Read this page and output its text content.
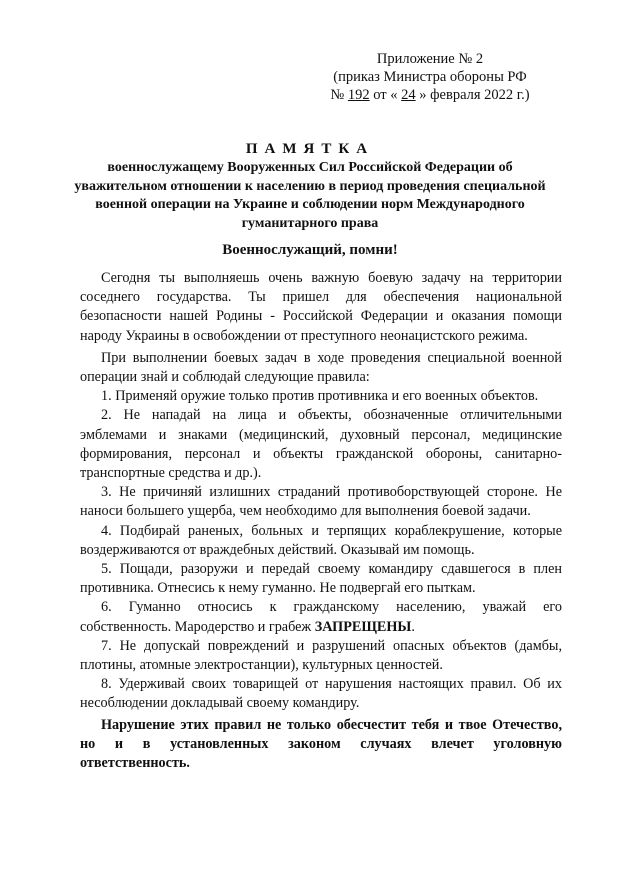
Приложение № 2
(приказ Министра обороны РФ
№ 192 от « 24 » февраля 2022 г.)
ПАМЯТКА
военнослужащему Вооруженных Сил Российской Федерации об уважительном отношении к населению в период проведения специальной военной операции на Украине и соблюдении норм Международного гуманитарного права
Военнослужащий, помни!

Сегодня ты выполняешь очень важную боевую задачу на территории соседнего государства. Ты пришел для обеспечения национальной безопасности нашей Родины - Российской Федерации и оказания помощи народу Украины в освобождении от преступного неонацистского режима.

При выполнении боевых задач в ходе проведения специальной военной операции знай и соблюдай следующие правила:

1. Применяй оружие только против противника и его военных объектов.

2. Не нападай на лица и объекты, обозначенные отличительными эмблемами и знаками (медицинский, духовный персонал, медицинские формирования, персонал и объекты гражданской обороны, санитарно-транспортные средства и др.).

3. Не причиняй излишних страданий противоборствующей стороне. Не наноси большего ущерба, чем необходимо для выполнения боевой задачи.

4. Подбирай раненых, больных и терпящих кораблекрушение, которые воздерживаются от враждебных действий. Оказывай им помощь.

5. Пощади, разоружи и передай своему командиру сдавшегося в плен противника. Отнесись к нему гуманно. Не подвергай его пыткам.

6. Гуманно относись к гражданскому населению, уважай его собственность. Мародерство и грабеж ЗАПРЕЩЕНЫ.

7. Не допускай повреждений и разрушений опасных объектов (дамбы, плотины, атомные электростанции), культурных ценностей.

8. Удерживай своих товарищей от нарушения настоящих правил. Об их несоблюдении докладывай своему командиру.

Нарушение этих правил не только обесчестит тебя и твое Отечество, но и в установленных законом случаях влечет уголовную ответственность.
